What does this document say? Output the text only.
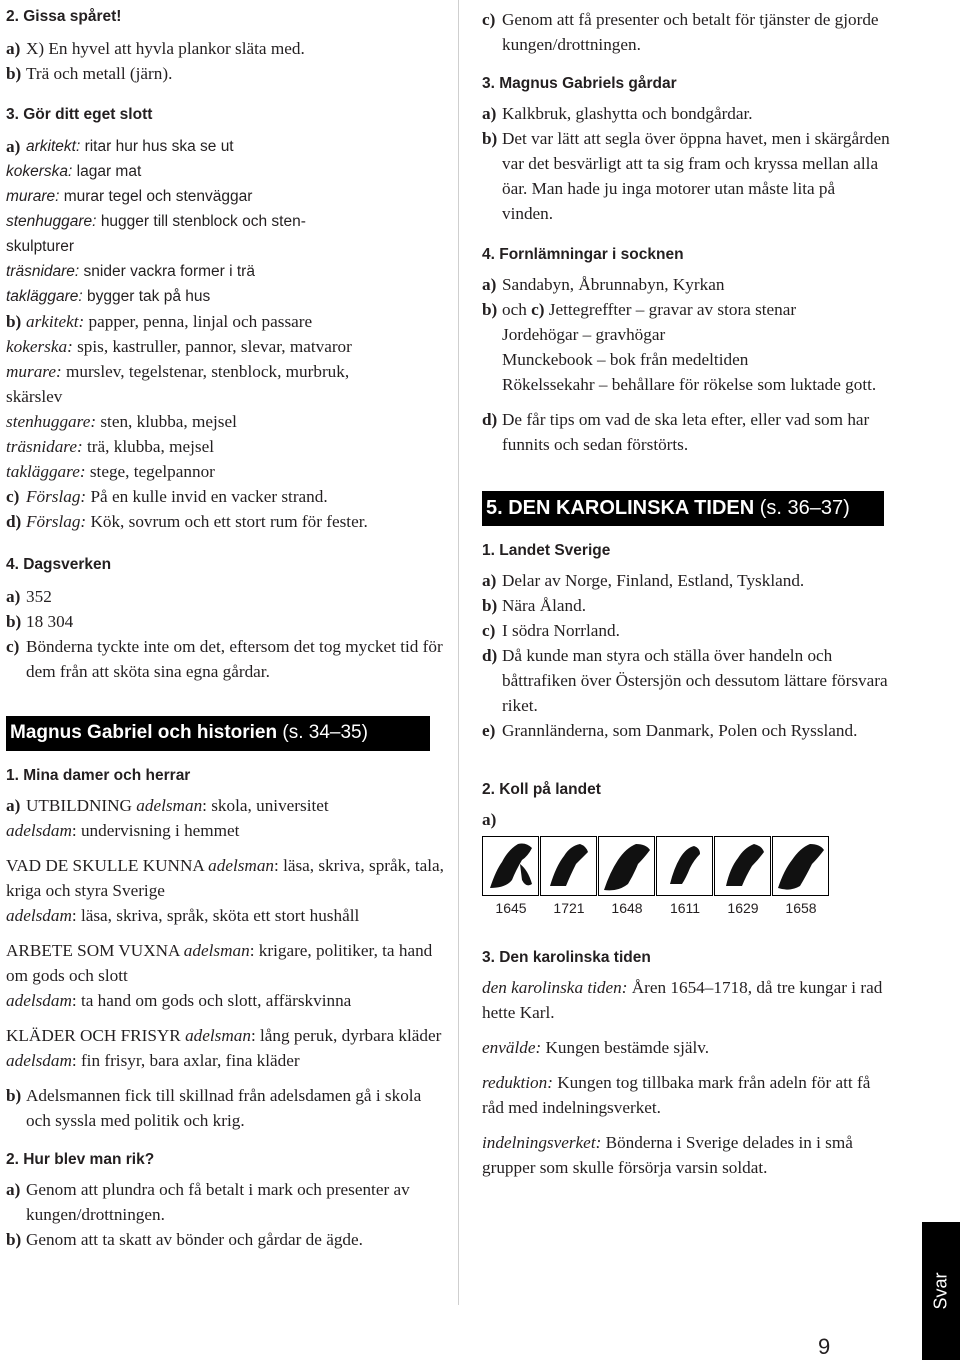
2. Gissa spåret!
a) X) En hyvel att hyvla plankor släta med.
b) Trä och metall (järn).
3. Gör ditt eget slott
a) arkitekt: ritar hur hus ska se ut
kokerska: lagar mat
murare: murar tegel och stenväggar
stenhuggare: hugger till stenblock och sten-
skulpturer
träsnidare: snider vackra former i trä
takläggare: bygger tak på hus
b) arkitekt: papper, penna, linjal och passare
kokerska: spis, kastruller, pannor, slevar, matvaror
murare: murslev, tegelstenar, stenblock, murbruk,
skärslev
stenhuggare: sten, klubba, mejsel
träsnidare: trä, klubba, mejsel
takläggare: stege, tegelpannor
c) Förslag: På en kulle invid en vacker strand.
d) Förslag: Kök, sovrum och ett stort rum för fester.
4. Dagsverken
a) 352
b) 18 304
c) Bönderna tyckte inte om det, eftersom det tog mycket tid för dem från att sköta sina egna gårdar.
Magnus Gabriel och historien (s. 34–35)
1. Mina damer och herrar
a) UTBILDNING adelsman: skola, universitet
adelsdam: undervisning i hemmet
VAD DE SKULLE KUNNA adelsman: läsa, skriva, språk, tala, kriga och styra Sverige
adelsdam: läsa, skriva, språk, sköta ett stort hushåll
ARBETE SOM VUXNA adelsman: krigare, politiker, ta hand om gods och slott
adelsdam: ta hand om gods och slott, affärskvinna
KLÄDER OCH FRISYR adelsman: lång peruk, dyrbara kläder
adelsdam: fin frisyr, bara axlar, fina kläder
b) Adelsmannen fick till skillnad från adelsdamen gå i skola och syssla med politik och krig.
2. Hur blev man rik?
a) Genom att plundra och få betalt i mark och presenter av kungen/drottningen.
b) Genom att ta skatt av bönder och gårdar de ägde.
c) Genom att få presenter och betalt för tjänster de gjorde kungen/drottningen.
3. Magnus Gabriels gårdar
a) Kalkbruk, glashytta och bondgårdar.
b) Det var lätt att segla över öppna havet, men i skärgården var det besvärligt att ta sig fram och kryssa mellan alla öar. Man hade ju inga motorer utan måste lita på vinden.
4. Fornlämningar i socknen
a) Sandabyn, Åbrunnabyn, Kyrkan
b) och c) Jettegreffter – gravar av stora stenar
Jordehögar – gravhögar
Munckebook – bok från medeltiden
Rökelssekahr – behållare för rökelse som luktade gott.
d) De får tips om vad de ska leta efter, eller vad som har funnits och sedan förstörts.
5. DEN KAROLINSKA TIDEN (s. 36–37)
1. Landet Sverige
a) Delar av Norge, Finland, Estland, Tyskland.
b) Nära Åland.
c) I södra Norrland.
d) Då kunde man styra och ställa över handeln och båttrafiken över Östersjön och dessutom lättare försvara riket.
e) Grannländerna, som Danmark, Polen och Ryssland.
2. Koll på landet
a)
1645	1721	1648	1611	1629	1658
3. Den karolinska tiden
den karolinska tiden: Åren 1654–1718, då tre kungar i rad hette Karl.
envälde: Kungen bestämde själv.
reduktion: Kungen tog tillbaka mark från adeln för att få råd med indelningsverket.
indelningsverket: Bönderna i Sverige delades in i små grupper som skulle försörja varsin soldat.
Svar
9
